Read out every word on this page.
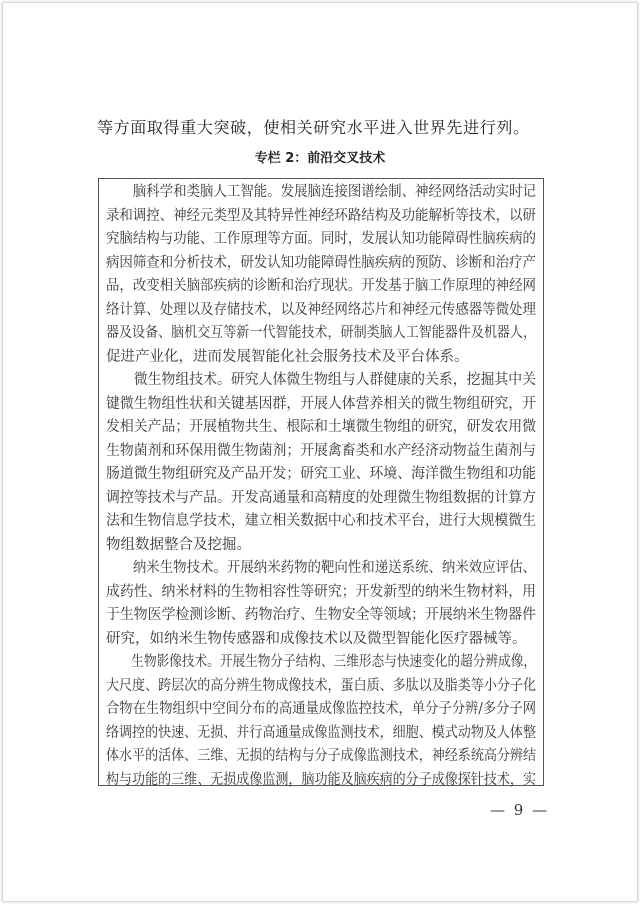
等方面取得重大突破，使相关研究水平进入世界先进行列。
专栏 2：前沿交叉技术
脑科学和类脑人工智能。发展脑连接图谱绘制、神经网络活动实时记
录和调控、神经元类型及其特异性神经环路结构及功能解析等技术，以研
究脑结构与功能、工作原理等方面。同时，发展认知功能障碍性脑疾病的
病因筛查和分析技术，研发认知功能障碍性脑疾病的预防、诊断和治疗产
品，改变相关脑部疾病的诊断和治疗现状。开发基于脑工作原理的神经网
络计算、处理以及存储技术，以及神经网络芯片和神经元传感器等微处理
器及设备、脑机交互等新一代智能技术，研制类脑人工智能器件及机器人，
促进产业化，进而发展智能化社会服务技术及平台体系。
微生物组技术。研究人体微生物组与人群健康的关系，挖掘其中关
键微生物组性状和关键基因群，开展人体营养相关的微生物组研究，开
发相关产品；开展植物共生、根际和土壤微生物组的研究，研发农用微
生物菌剂和环保用微生物菌剂；开展禽畜类和水产经济动物益生菌剂与
肠道微生物组研究及产品开发；研究工业、环境、海洋微生物组和功能
调控等技术与产品。开发高通量和高精度的处理微生物组数据的计算方
法和生物信息学技术，建立相关数据中心和技术平台，进行大规模微生
物组数据整合及挖掘。
纳米生物技术。开展纳米药物的靶向性和递送系统、纳米效应评估、
成药性、纳米材料的生物相容性等研究；开发新型的纳米生物材料，用
于生物医学检测诊断、药物治疗、生物安全等领域；开展纳米生物器件
研究，如纳米生物传感器和成像技术以及微型智能化医疗器械等。
生物影像技术。开展生物分子结构、三维形态与快速变化的超分辨成像，
大尺度、跨层次的高分辨生物成像技术，蛋白质、多肽以及脂类等小分子化
合物在生物组织中空间分布的高通量成像监控技术，单分子分辨/多分子网
络调控的快速、无损、并行高通量成像监测技术，细胞、模式动物及人体整
体水平的活体、三维、无损的结构与分子成像监测技术，神经系统高分辨结
构与功能的三维、无损成像监测，脑功能及脑疾病的分子成像探针技术，实
— 9 —
